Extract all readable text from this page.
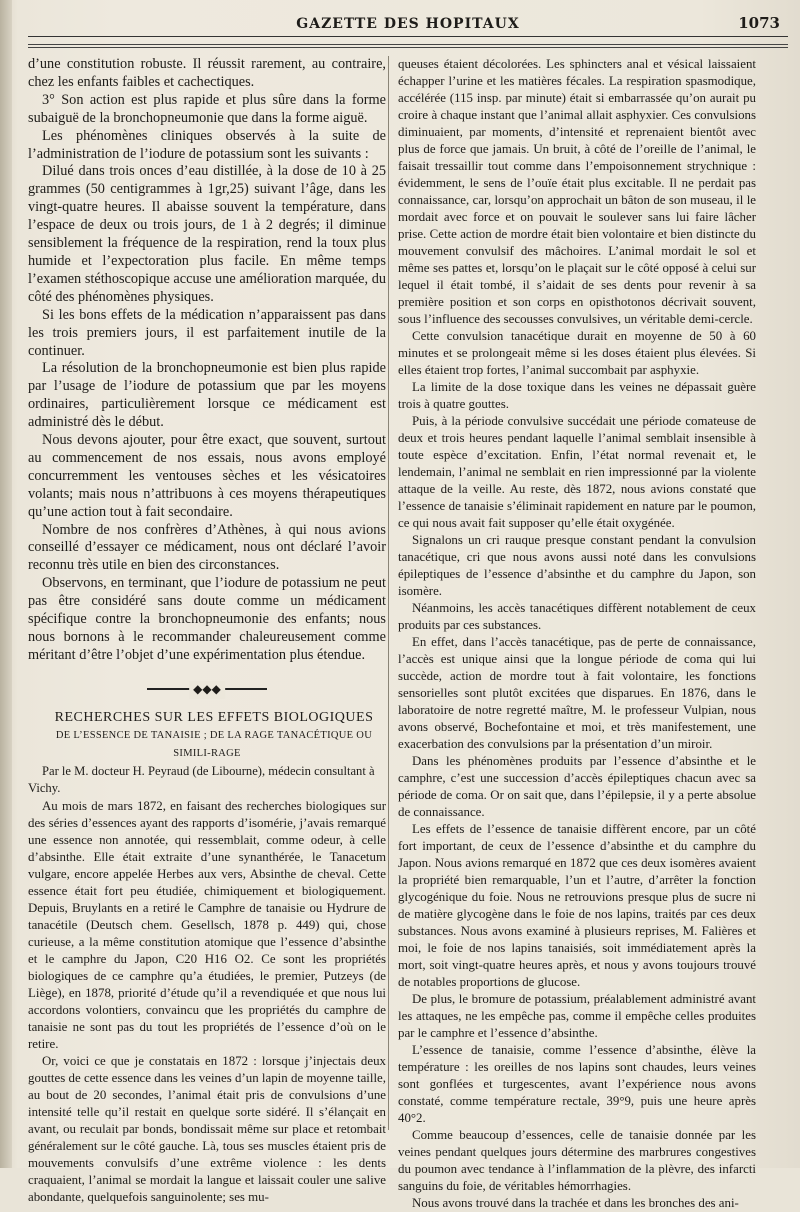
GAZETTE DES HOPITAUX	1073

d’une constitution robuste. Il réussit rarement, au contraire, chez les enfants faibles et cachectiques.

3° Son action est plus rapide et plus sûre dans la forme subaiguë de la bronchopneumonie que dans la forme aiguë.

Les phénomènes cliniques observés à la suite de l’administration de l’iodure de potassium sont les suivants :

Dilué dans trois onces d’eau distillée, à la dose de 10 à 25 grammes (50 centigrammes à 1gr,25) suivant l’âge, dans les vingt-quatre heures. Il abaisse souvent la température, dans l’espace de deux ou trois jours, de 1 à 2 degrés; il diminue sensiblement la fréquence de la respiration, rend la toux plus humide et l’expectoration plus facile. En même temps l’examen stéthoscopique accuse une amélioration marquée, du côté des phénomènes physiques.

Si les bons effets de la médication n’apparaissent pas dans les trois premiers jours, il est parfaitement inutile de la continuer.

La résolution de la bronchopneumonie est bien plus rapide par l’usage de l’iodure de potassium que par les moyens ordinaires, particulièrement lorsque ce médicament est administré dès le début.

Nous devons ajouter, pour être exact, que souvent, surtout au commencement de nos essais, nous avons employé concurremment les ventouses sèches et les vésicatoires volants; mais nous n’attribuons à ces moyens thérapeutiques qu’une action tout à fait secondaire.

Nombre de nos confrères d’Athènes, à qui nous avions conseillé d’essayer ce médicament, nous ont déclaré l’avoir reconnu très utile en bien des circonstances.

Observons, en terminant, que l’iodure de potassium ne peut pas être considéré sans doute comme un médicament spécifique contre la bronchopneumonie des enfants; nous nous bornons à le recommander chaleureusement comme méritant d’être l’objet d’une expérimentation plus étendue.

◆◆◆

RECHERCHES SUR LES EFFETS BIOLOGIQUES

DE L’ESSENCE DE TANAISIE ; DE LA RAGE TANACÉTIQUE OU SIMILI-RAGE

Par le M. docteur H. Peyraud (de Libourne), médecin consultant à Vichy.

Au mois de mars 1872, en faisant des recherches biologiques sur des séries d’essences ayant des rapports d’isomérie, j’avais remarqué une essence non annotée, qui ressemblait, comme odeur, à celle d’absinthe. Elle était extraite d’une synanthérée, le Tanacetum vulgare, encore appelée Herbes aux vers, Absinthe de cheval. Cette essence était fort peu étudiée, chimiquement et biologiquement. Depuis, Bruylants en a retiré le Camphre de tanaisie ou Hydrure de tanacétile (Deutsch chem. Gesellsch, 1878 p. 449) qui, chose curieuse, a la même constitution atomique que l’essence d’absinthe et le camphre du Japon, C20 H16 O2. Ce sont les propriétés biologiques de ce camphre qu’a étudiées, le premier, Putzeys (de Liège), en 1878, priorité d’étude qu’il a revendiquée et que nous lui accordons volontiers, convaincu que les propriétés du camphre de tanaisie ne sont pas du tout les propriétés de l’essence d’où on le retire.

Or, voici ce que je constatais en 1872 : lorsque j’injectais deux gouttes de cette essence dans les veines d’un lapin de moyenne taille, au bout de 20 secondes, l’animal était pris de convulsions d’une intensité telle qu’il restait en quelque sorte sidéré. Il s’élançait en avant, ou reculait par bonds, bondissait même sur place et retombait généralement sur le côté gauche. Là, tous ses muscles étaient pris de mouvements convulsifs d’une extrême violence : les dents craquaient, l’animal se mordait la langue et laissait couler une salive abondante, quelquefois sanguinolente; ses mu-

queuses étaient décolorées. Les sphincters anal et vésical laissaient échapper l’urine et les matières fécales. La respiration spasmodique, accélérée (115 insp. par minute) était si embarrassée qu’on aurait pu croire à chaque instant que l’animal allait asphyxier. Ces convulsions diminuaient, par moments, d’intensité et reprenaient bientôt avec plus de force que jamais. Un bruit, à côté de l’oreille de l’animal, le faisait tressaillir tout comme dans l’empoisonnement strychnique : évidemment, le sens de l’ouïe était plus excitable. Il ne perdait pas connaissance, car, lorsqu’on approchait un bâton de son museau, il le mordait avec force et on pouvait le soulever sans lui faire lâcher prise. Cette action de mordre était bien volontaire et bien distincte du mouvement convulsif des mâchoires. L’animal mordait le sol et même ses pattes et, lorsqu’on le plaçait sur le côté opposé à celui sur lequel il était tombé, il s’aidait de ses dents pour revenir à sa première position et son corps en opisthotonos décrivait souvent, sous l’influence des secousses convulsives, un véritable demi-cercle.

Cette convulsion tanacétique durait en moyenne de 50 à 60 minutes et se prolongeait même si les doses étaient plus élevées. Si elles étaient trop fortes, l’animal succombait par asphyxie.

La limite de la dose toxique dans les veines ne dépassait guère trois à quatre gouttes.

Puis, à la période convulsive succédait une période comateuse de deux et trois heures pendant laquelle l’animal semblait insensible à toute espèce d’excitation. Enfin, l’état normal revenait et, le lendemain, l’animal ne semblait en rien impressionné par la violente attaque de la veille. Au reste, dès 1872, nous avions constaté que l’essence de tanaisie s’éliminait rapidement en nature par le poumon, ce qui nous avait fait supposer qu’elle était oxygénée.

Signalons un cri rauque presque constant pendant la convulsion tanacétique, cri que nous avons aussi noté dans les convulsions épileptiques de l’essence d’absinthe et du camphre du Japon, son isomère.

Néanmoins, les accès tanacétiques diffèrent notablement de ceux produits par ces substances.

En effet, dans l’accès tanacétique, pas de perte de connaissance, l’accès est unique ainsi que la longue période de coma qui lui succède, action de mordre tout à fait volontaire, les fonctions sensorielles sont plutôt excitées que disparues. En 1876, dans le laboratoire de notre regretté maître, M. le professeur Vulpian, nous avons observé, Bochefontaine et moi, et très manifestement, une exacerbation des convulsions par la présentation d’un miroir.

Dans les phénomènes produits par l’essence d’absinthe et le camphre, c’est une succession d’accès épileptiques chacun avec sa période de coma. Or on sait que, dans l’épilepsie, il y a perte absolue de connaissance.

Les effets de l’essence de tanaisie diffèrent encore, par un côté fort important, de ceux de l’essence d’absinthe et du camphre du Japon. Nous avions remarqué en 1872 que ces deux isomères avaient la propriété bien remarquable, l’un et l’autre, d’arrêter la fonction glycogénique du foie. Nous ne retrouvions presque plus de sucre ni de matière glycogène dans le foie de nos lapins, traités par ces deux substances. Nous avons examiné à plusieurs reprises, M. Falières et moi, le foie de nos lapins tanaisiés, soit immédiatement après la mort, soit vingt-quatre heures après, et nous y avons toujours trouvé de notables proportions de glucose.

De plus, le bromure de potassium, préalablement administré avant les attaques, ne les empêche pas, comme il empêche celles produites par le camphre et l’essence d’absinthe.

L’essence de tanaisie, comme l’essence d’absinthe, élève la température : les oreilles de nos lapins sont chaudes, leurs veines sont gonflées et turgescentes, avant l’expérience nous avons constaté, comme température rectale, 39°9, puis une heure après 40°2.

Comme beaucoup d’essences, celle de tanaisie donnée par les veines pendant quelques jours détermine des marbrures congestives du poumon avec tendance à l’inflammation de la plèvre, des infarcti sanguins du foie, de véritables hémorrhagies.

Nous avons trouvé dans la trachée et dans les bronches des ani-
